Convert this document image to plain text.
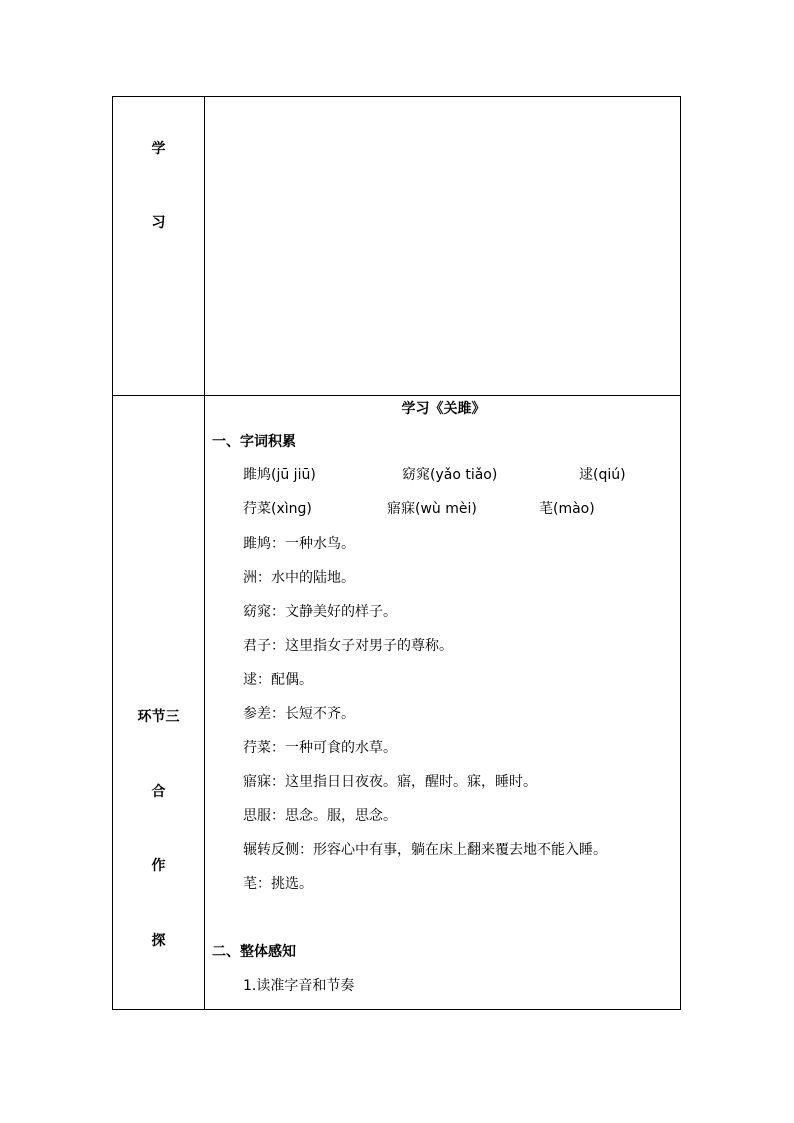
学
习
环节三
合
作
探
学习《关雎》
一、字词积累
雎鸠(jū jiū)	窈窕(yǎo tiǎo)	逑(qiú)
荇菜(xìnɡ)	寤寐(wù mèi)	芼(mào)
雎鸠：一种水鸟。
洲：水中的陆地。
窈窕：文静美好的样子。
君子：这里指女子对男子的尊称。
逑：配偶。
参差：长短不齐。
荇菜：一种可食的水草。
寤寐：这里指日日夜夜。寤，醒时。寐，睡时。
思服：思念。服，思念。
辗转反侧：形容心中有事，躺在床上翻来覆去地不能入睡。
芼：挑选。
二、整体感知
1.读准字音和节奏
